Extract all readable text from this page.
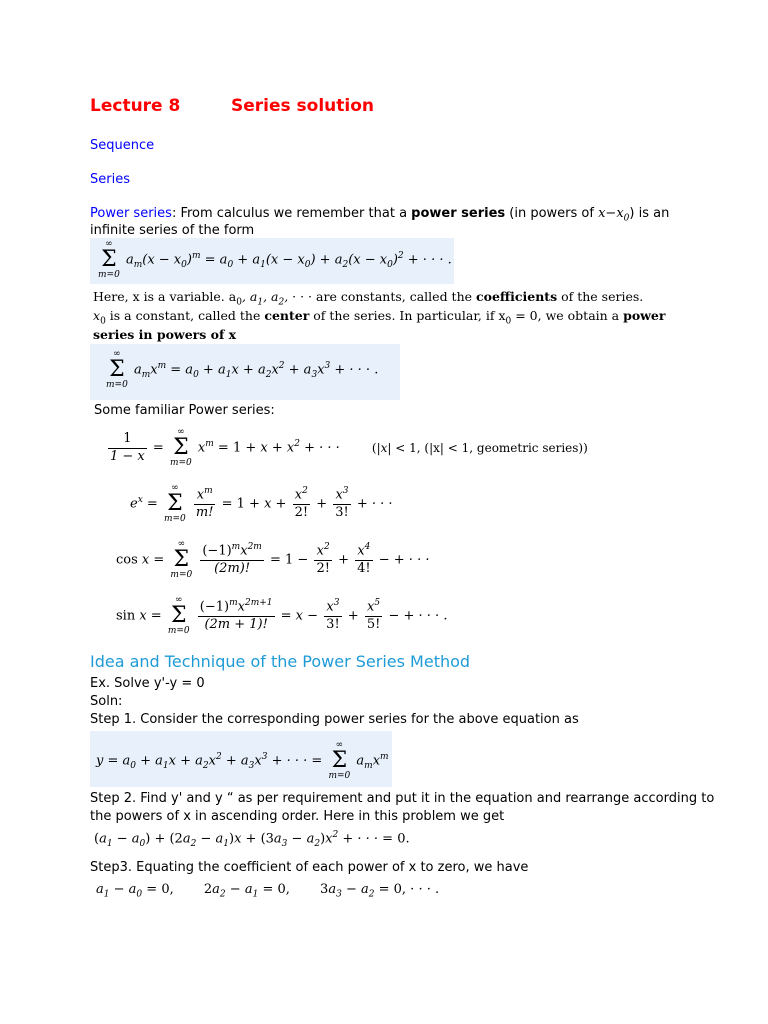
Lecture 8	Series solution
Sequence
Series
Power series: From calculus we remember that a power series (in powers of $x-x_0$) is an
infinite series of the form
∞
Σ
m=0
$a_m(x - x_0)^m = a_0 + a_1(x - x_0) + a_2(x - x_0)^2$ + · · · .
Here, x is a variable. $a_0$, $a_1$, $a_2$, · · · are constants, called the coefficients of the series.
$x_0$ is a constant, called the center of the series. In particular, if $x_0 = 0$, we obtain a power
series in powers of x
∞
Σ
m=0
$a_mx^m = a_0 + a_1x + a_2x^2 + a_3x^3$ + · · · .
Some familiar Power series:
$\frac{1}{1 - x}$ =
∞
Σ
m=0
$x^m = 1 + x + x^2$ + · · · (|x| < 1, (|x| < 1, geometric series))
$e^x$ =
∞
Σ
m=0
$\frac{x^m}{m!} = 1 + x + \frac{x^2}{2!} + \frac{x^3}{3!}$ + · · ·
cos x =
∞
Σ
m=0
$\frac{(-1)^mx^{2m}}{(2m)!} = 1 - \frac{x^2}{2!} + \frac{x^4}{4!}$ − + · · ·
sin x =
∞
Σ
m=0
$\frac{(-1)^mx^{2m+1}}{(2m + 1)!} = x - \frac{x^3}{3!} + \frac{x^5}{5!}$ − + · · · .
Idea and Technique of the Power Series Method
Ex. Solve y'-y = 0
Soln:
Step 1. Consider the corresponding power series for the above equation as
$y = a_0 + a_1x + a_2x^2 + a_3x^3$ + · · · =
∞
Σ
m=0
$a_mx^m$
Step 2. Find y' and y “ as per requirement and put it in the equation and rearrange according to
the powers of x in ascending order. Here in this problem we get
$(a_1 - a_0) + (2a_2 - a_1)x + (3a_3 - a_2)x^2$ + · · · = 0.
Step3. Equating the coefficient of each power of x to zero, we have
$a_1 - a_0 = 0$, $2a_2 - a_1 = 0$, $3a_3 - a_2 = 0$, · · · .
